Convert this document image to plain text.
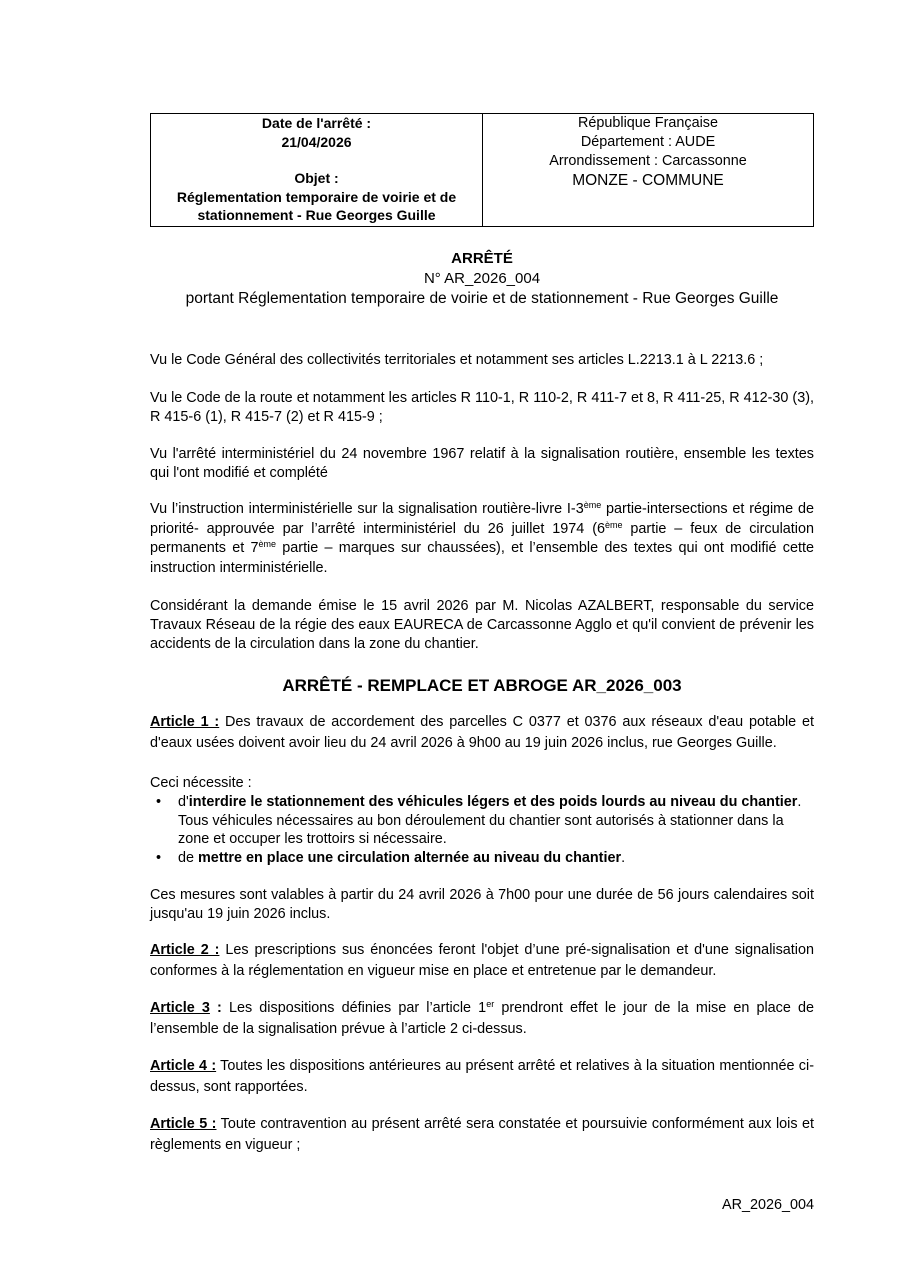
Date de l'arrêté :
21/04/2026
Objet :
Réglementation temporaire de voirie et de
stationnement - Rue Georges Guille

République Française
Département : AUDE
Arrondissement : Carcassonne
MONZE - COMMUNE
ARRÊTÉ
N° AR_2026_004
portant Réglementation temporaire de voirie et de stationnement - Rue Georges Guille
Vu le Code Général des collectivités territoriales et notamment ses articles L.2213.1 à L 2213.6 ;
Vu le Code de la route et notamment les articles R 110-1, R 110-2, R 411-7 et 8, R 411-25, R 412-30 (3), R 415-6 (1), R 415-7 (2) et R 415-9 ;
Vu l'arrêté interministériel du 24 novembre 1967 relatif à la signalisation routière, ensemble les textes qui l'ont modifié et complété
Vu l’instruction interministérielle sur la signalisation routière-livre I-3ème partie-intersections et régime de priorité- approuvée par l’arrêté interministériel du 26 juillet 1974 (6ème partie – feux de circulation permanents et 7ème partie – marques sur chaussées), et l’ensemble des textes qui ont modifié cette instruction interministérielle.
Considérant la demande émise le 15 avril 2026 par M. Nicolas AZALBERT, responsable du service Travaux Réseau de la régie des eaux EAURECA de Carcassonne Agglo et qu'il convient de prévenir les accidents de la circulation dans la zone du chantier.
ARRÊTÉ - REMPLACE ET ABROGE AR_2026_003
Article 1 : Des travaux de accordement des parcelles C 0377 et 0376 aux réseaux d'eau potable et d'eaux usées doivent avoir lieu du 24 avril 2026 à 9h00 au 19 juin 2026 inclus, rue Georges Guille.
Ceci nécessite :
• d'interdire le stationnement des véhicules légers et des poids lourds au niveau du chantier. Tous véhicules nécessaires au bon déroulement du chantier sont autorisés à stationner dans la zone et occuper les trottoirs si nécessaire.
• de mettre en place une circulation alternée au niveau du chantier.
Ces mesures sont valables à partir du 24 avril 2026 à 7h00 pour une durée de 56 jours calendaires soit jusqu'au 19 juin 2026 inclus.
Article 2 : Les prescriptions sus énoncées feront l'objet d’une pré-signalisation et d'une signalisation conformes à la réglementation en vigueur mise en place et entretenue par le demandeur.
Article 3 : Les dispositions définies par l’article 1er prendront effet le jour de la mise en place de l’ensemble de la signalisation prévue à l’article 2 ci-dessus.
Article 4 : Toutes les dispositions antérieures au présent arrêté et relatives à la situation mentionnée ci-dessus, sont rapportées.
Article 5 : Toute contravention au présent arrêté sera constatée et poursuivie conformément aux lois et règlements en vigueur ;
AR_2026_004
